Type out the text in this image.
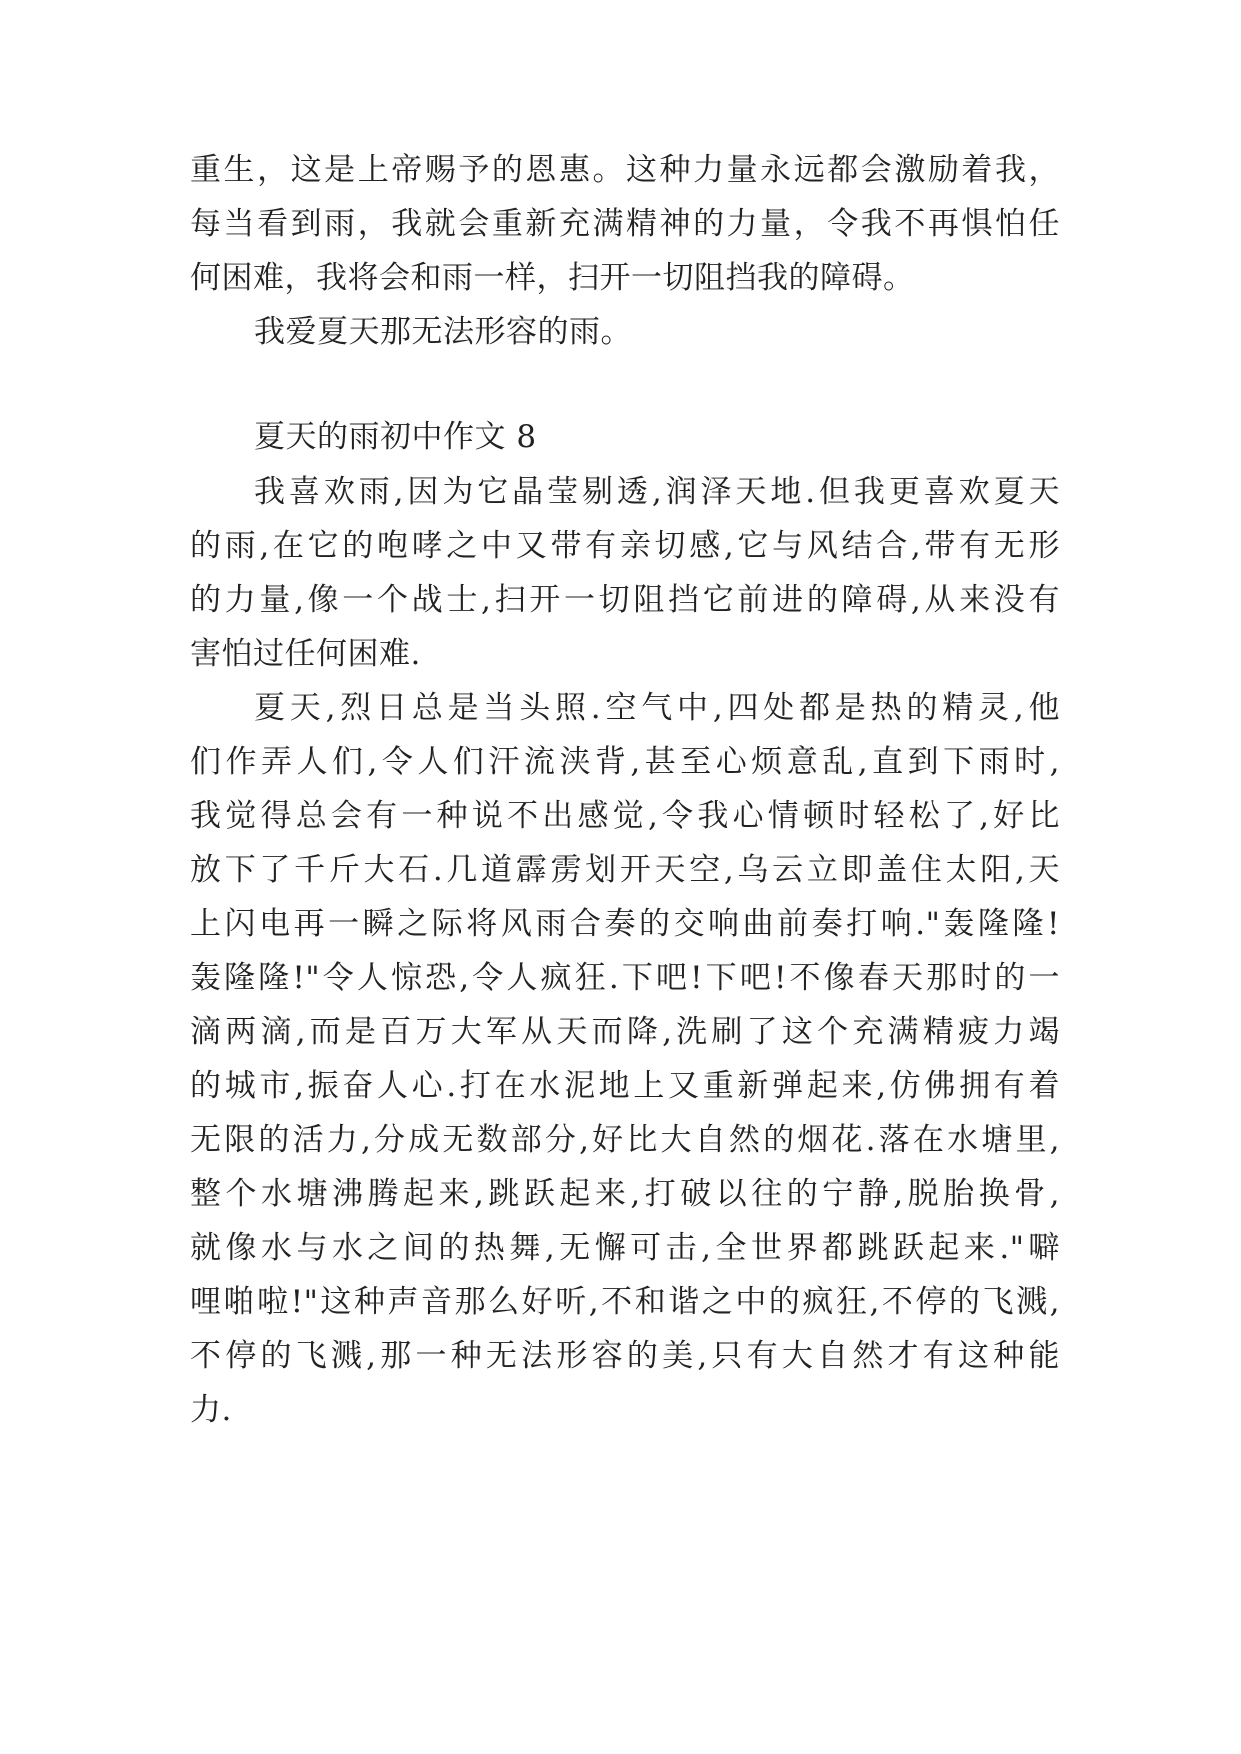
重生，这是上帝赐予的恩惠。这种力量永远都会激励着我，
每当看到雨，我就会重新充满精神的力量，令我不再惧怕任
何困难，我将会和雨一样，扫开一切阻挡我的障碍。
我爱夏天那无法形容的雨。
夏天的雨初中作文 8
我喜欢雨,因为它晶莹剔透,润泽天地.但我更喜欢夏天
的雨,在它的咆哮之中又带有亲切感,它与风结合,带有无形
的力量,像一个战士,扫开一切阻挡它前进的障碍,从来没有
害怕过任何困难.
夏天,烈日总是当头照.空气中,四处都是热的精灵,他
们作弄人们,令人们汗流浃背,甚至心烦意乱,直到下雨时,
我觉得总会有一种说不出感觉,令我心情顿时轻松了,好比
放下了千斤大石.几道霹雳划开天空,乌云立即盖住太阳,天
上闪电再一瞬之际将风雨合奏的交响曲前奏打响."轰隆隆!
轰隆隆!"令人惊恐,令人疯狂.下吧!下吧!不像春天那时的一
滴两滴,而是百万大军从天而降,洗刷了这个充满精疲力竭
的城市,振奋人心.打在水泥地上又重新弹起来,仿佛拥有着
无限的活力,分成无数部分,好比大自然的烟花.落在水塘里,
整个水塘沸腾起来,跳跃起来,打破以往的宁静,脱胎换骨,
就像水与水之间的热舞,无懈可击,全世界都跳跃起来."噼
哩啪啦!"这种声音那么好听,不和谐之中的疯狂,不停的飞溅,
不停的飞溅,那一种无法形容的美,只有大自然才有这种能
力.
